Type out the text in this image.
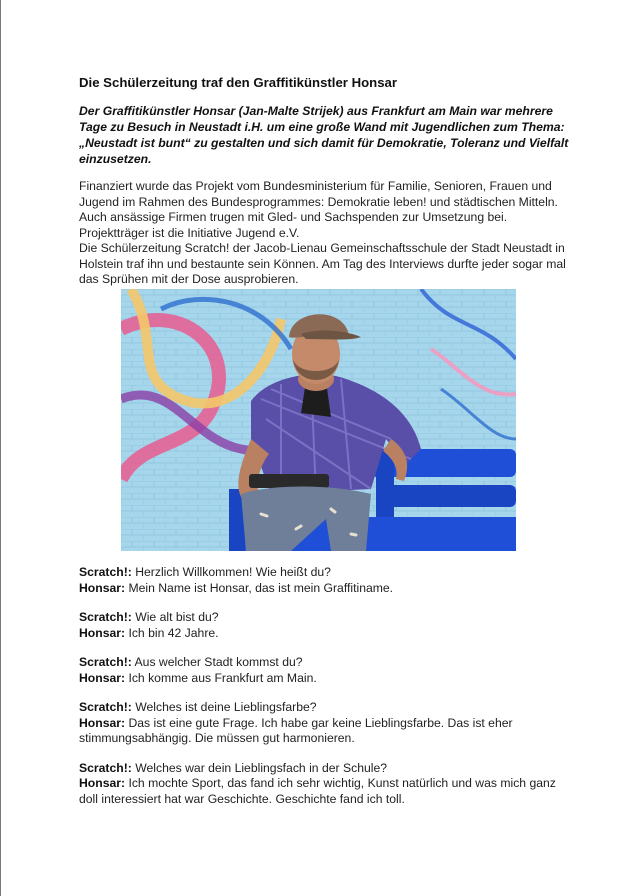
Die Schülerzeitung traf den Graffitikünstler Honsar
Der Graffitikünstler Honsar (Jan-Malte Strijek) aus Frankfurt am Main war mehrere Tage zu Besuch in Neustadt i.H. um eine große Wand mit Jugendlichen zum Thema: „Neustadt ist bunt“ zu gestalten und sich damit für Demokratie, Toleranz und Vielfalt einzusetzen.

Finanziert wurde das Projekt vom Bundesministerium für Familie, Senioren, Frauen und Jugend im Rahmen des Bundesprogrammes: Demokratie leben! und städtischen Mitteln. Auch ansässige Firmen trugen mit Gled- und Sachspenden zur Umsetzung bei. Projektträger ist die Initiative Jugend e.V.

Die Schülerzeitung Scratch! der Jacob-Lienau Gemeinschaftsschule der Stadt Neustadt in Holstein traf ihn und bestaunte sein Können. Am Tag des Interviews durfte jeder sogar mal das Sprühen mit der Dose ausprobieren.

Scratch!: Herzlich Willkommen! Wie heißt du?

Honsar: Mein Name ist Honsar, das ist mein Graffitiname.

Scratch!: Wie alt bist du?

Honsar: Ich bin 42 Jahre.

Scratch!: Aus welcher Stadt kommst du?

Honsar: Ich komme aus Frankfurt am Main.

Scratch!: Welches ist deine Lieblingsfarbe?

Honsar: Das ist eine gute Frage. Ich habe gar keine Lieblingsfarbe. Das ist eher stimmungsabhängig. Die müssen gut harmonieren.

Scratch!: Welches war dein Lieblingsfach in der Schule?

Honsar: Ich mochte Sport, das fand ich sehr wichtig, Kunst natürlich und was mich ganz doll interessiert hat war Geschichte. Geschichte fand ich toll.
